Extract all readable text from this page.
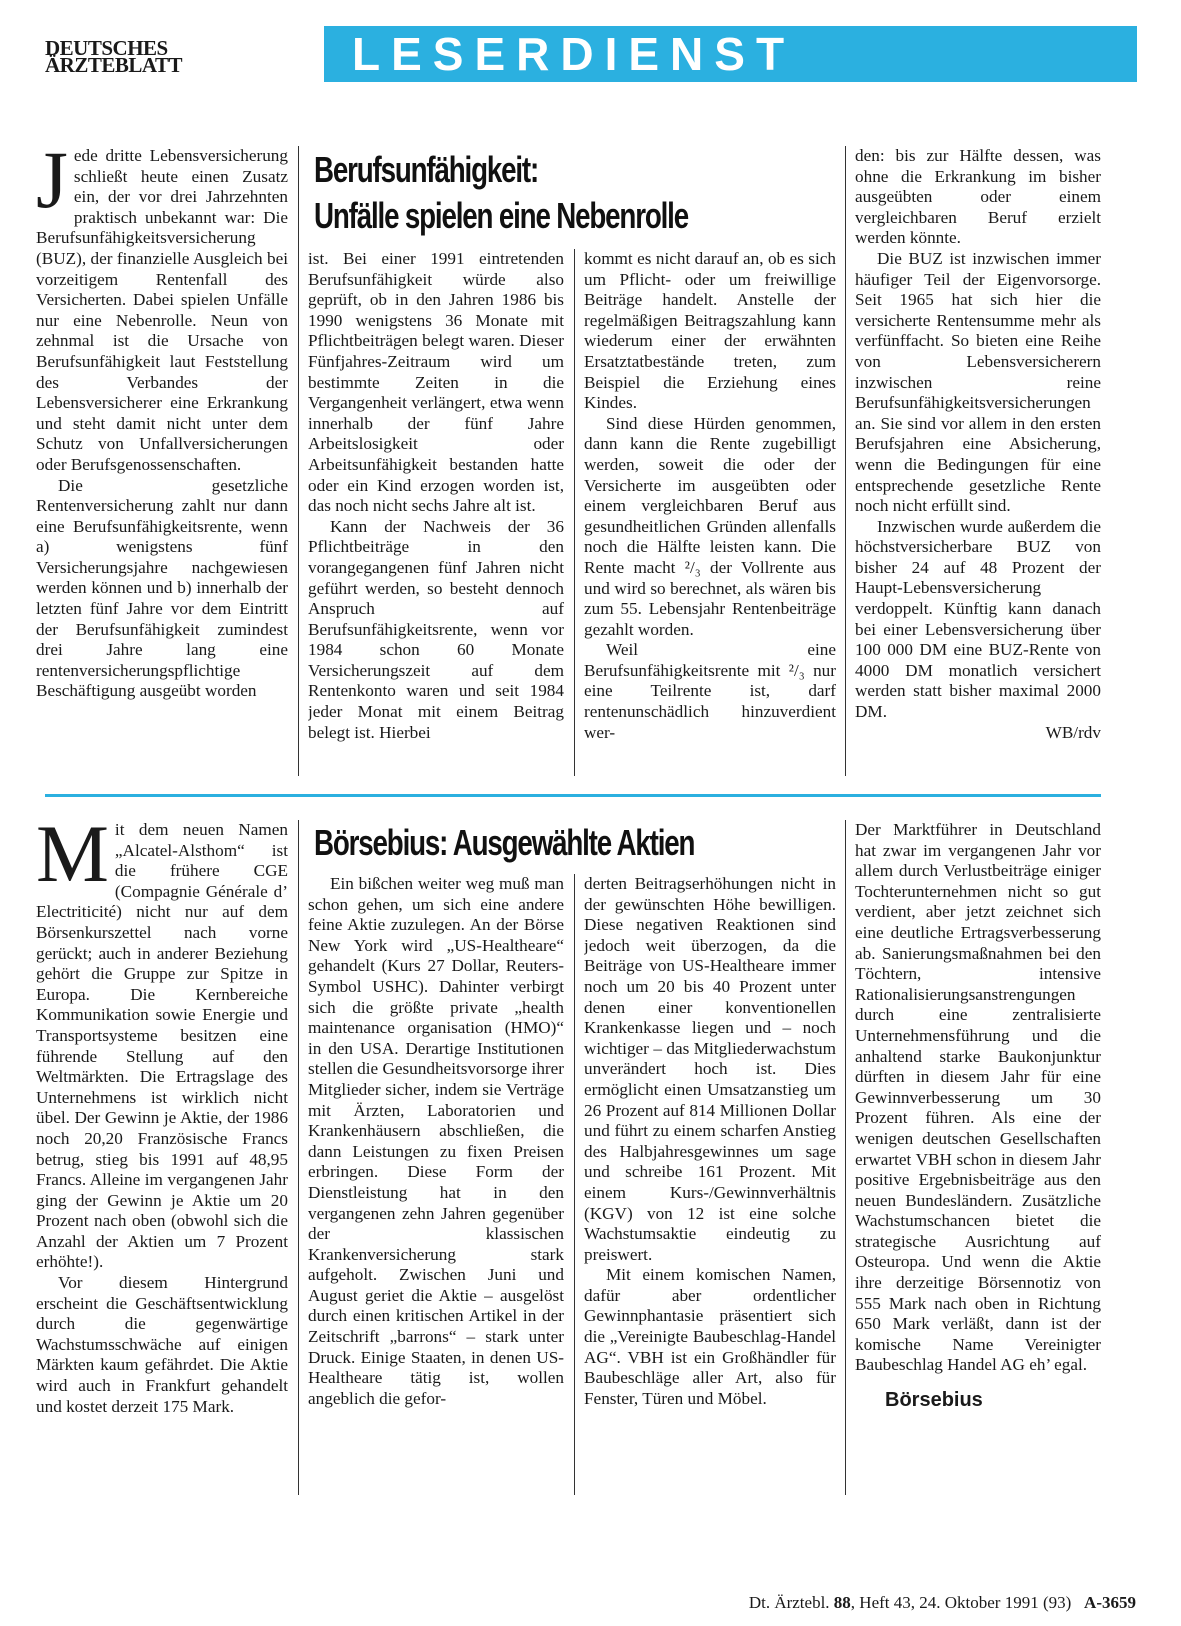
DEUTSCHES
ÄRZTEBLATT	LESERDIENST
J ede dritte Lebensversicherung schließt heute einen Zusatz ein, der vor drei Jahrzehnten praktisch unbekannt war: Die Berufsunfähigkeitsversicherung (BUZ), der finanzielle Ausgleich bei vorzeitigem Rentenfall des Versicherten. Dabei spielen Unfälle nur eine Nebenrolle. Neun von zehnmal ist die Ursache von Berufsunfähigkeit laut Feststellung des Verbandes der Lebensversicherer eine Erkrankung und steht damit nicht unter dem Schutz von Unfallversicherungen oder Berufsgenossenschaften.

Die gesetzliche Rentenversicherung zahlt nur dann eine Berufsunfähigkeitsrente, wenn a) wenigstens fünf Versicherungsjahre nachgewiesen werden können und b) innerhalb der letzten fünf Jahre vor dem Eintritt der Berufsunfähigkeit zumindest drei Jahre lang eine rentenversicherungspflichtige Beschäftigung ausgeübt worden

Berufsunfähigkeit:
Unfälle spielen eine Nebenrolle

ist. Bei einer 1991 eintretenden Berufsunfähigkeit würde also geprüft, ob in den Jahren 1986 bis 1990 wenigstens 36 Monate mit Pflichtbeiträgen belegt waren. Dieser Fünfjahres-Zeitraum wird um bestimmte Zeiten in die Vergangenheit verlängert, etwa wenn innerhalb der fünf Jahre Arbeitslosigkeit oder Arbeitsunfähigkeit bestanden hatte oder ein Kind erzogen worden ist, das noch nicht sechs Jahre alt ist.

Kann der Nachweis der 36 Pflichtbeiträge in den vorangegangenen fünf Jahren nicht geführt werden, so besteht dennoch Anspruch auf Berufsunfähigkeitsrente, wenn vor 1984 schon 60 Monate Versicherungszeit auf dem Rentenkonto waren und seit 1984 jeder Monat mit einem Beitrag belegt ist. Hierbei

kommt es nicht darauf an, ob es sich um Pflicht- oder um freiwillige Beiträge handelt. Anstelle der regelmäßigen Beitragszahlung kann wiederum einer der erwähnten Ersatztatbestände treten, zum Beispiel die Erziehung eines Kindes.

Sind diese Hürden genommen, dann kann die Rente zugebilligt werden, soweit die oder der Versicherte im ausgeübten oder einem vergleichbaren Beruf aus gesundheitlichen Gründen allenfalls noch die Hälfte leisten kann. Die Rente macht ²/₃ der Vollrente aus und wird so berechnet, als wären bis zum 55. Lebensjahr Rentenbeiträge gezahlt worden.

Weil eine Berufsunfähigkeitsrente mit ²/₃ nur eine Teilrente ist, darf rentenunschädlich hinzuverdient wer-

den: bis zur Hälfte dessen, was ohne die Erkrankung im bisher ausgeübten oder einem vergleichbaren Beruf erzielt werden könnte.

Die BUZ ist inzwischen immer häufiger Teil der Eigenvorsorge. Seit 1965 hat sich hier die versicherte Rentensumme mehr als verfünffacht. So bieten eine Reihe von Lebensversicherern inzwischen reine Berufsunfähigkeitsversicherungen an. Sie sind vor allem in den ersten Berufsjahren eine Absicherung, wenn die Bedingungen für eine entsprechende gesetzliche Rente noch nicht erfüllt sind.

Inzwischen wurde außerdem die höchstversicherbare BUZ von bisher 24 auf 48 Prozent der Haupt-Lebensversicherung verdoppelt. Künftig kann danach bei einer Lebensversicherung über 100 000 DM eine BUZ-Rente von 4000 DM monatlich versichert werden statt bisher maximal 2000 DM.

WB/rdv

M it dem neuen Namen „Alcatel-Alsthom“ ist die frühere CGE (Compagnie Générale d’ Electriticité) nicht nur auf dem Börsenkurszettel nach vorne gerückt; auch in anderer Beziehung gehört die Gruppe zur Spitze in Europa. Die Kernbereiche Kommunikation sowie Energie und Transportsysteme besitzen eine führende Stellung auf den Weltmärkten. Die Ertragslage des Unternehmens ist wirklich nicht übel. Der Gewinn je Aktie, der 1986 noch 20,20 Französische Francs betrug, stieg bis 1991 auf 48,95 Francs. Alleine im vergangenen Jahr ging der Gewinn je Aktie um 20 Prozent nach oben (obwohl sich die Anzahl der Aktien um 7 Prozent erhöhte!).

Vor diesem Hintergrund erscheint die Geschäftsentwicklung durch die gegenwärtige Wachstumsschwäche auf einigen Märkten kaum gefährdet. Die Aktie wird auch in Frankfurt gehandelt und kostet derzeit 175 Mark.

Börsebius: Ausgewählte Aktien

Ein bißchen weiter weg muß man schon gehen, um sich eine andere feine Aktie zuzulegen. An der Börse New York wird „US-Healtheare“ gehandelt (Kurs 27 Dollar, Reuters-Symbol USHC). Dahinter verbirgt sich die größte private „health maintenance organisation (HMO)“ in den USA. Derartige Institutionen stellen die Gesundheitsvorsorge ihrer Mitglieder sicher, indem sie Verträge mit Ärzten, Laboratorien und Krankenhäusern abschließen, die dann Leistungen zu fixen Preisen erbringen. Diese Form der Dienstleistung hat in den vergangenen zehn Jahren gegenüber der klassischen Krankenversicherung stark aufgeholt. Zwischen Juni und August geriet die Aktie – ausgelöst durch einen kritischen Artikel in der Zeitschrift „barrons“ – stark unter Druck. Einige Staaten, in denen US-Healtheare tätig ist, wollen angeblich die gefor-

derten Beitragserhöhungen nicht in der gewünschten Höhe bewilligen. Diese negativen Reaktionen sind jedoch weit überzogen, da die Beiträge von US-Healtheare immer noch um 20 bis 40 Prozent unter denen einer konventionellen Krankenkasse liegen und – noch wichtiger – das Mitgliederwachstum unverändert hoch ist. Dies ermöglicht einen Umsatzanstieg um 26 Prozent auf 814 Millionen Dollar und führt zu einem scharfen Anstieg des Halbjahresgewinnes um sage und schreibe 161 Prozent. Mit einem Kurs-/Gewinnverhältnis (KGV) von 12 ist eine solche Wachstumsaktie eindeutig zu preiswert.

Mit einem komischen Namen, dafür aber ordentlicher Gewinnphantasie präsentiert sich die „Vereinigte Baubeschlag-Handel AG“. VBH ist ein Großhändler für Baubeschläge aller Art, also für Fenster, Türen und Möbel.

Der Marktführer in Deutschland hat zwar im vergangenen Jahr vor allem durch Verlustbeiträge einiger Tochterunternehmen nicht so gut verdient, aber jetzt zeichnet sich eine deutliche Ertragsverbesserung ab. Sanierungsmaßnahmen bei den Töchtern, intensive Rationalisierungsanstrengungen durch eine zentralisierte Unternehmensführung und die anhaltend starke Baukonjunktur dürften in diesem Jahr für eine Gewinnverbesserung um 30 Prozent führen. Als eine der wenigen deutschen Gesellschaften erwartet VBH schon in diesem Jahr positive Ergebnisbeiträge aus den neuen Bundesländern. Zusätzliche Wachstumschancen bietet die strategische Ausrichtung auf Osteuropa. Und wenn die Aktie ihre derzeitige Börsennotiz von 555 Mark nach oben in Richtung 650 Mark verläßt, dann ist der komische Name Vereinigter Baubeschlag Handel AG eh’ egal.

Börsebius
Dt. Ärztebl. 88, Heft 43, 24. Oktober 1991 (93) A-3659
